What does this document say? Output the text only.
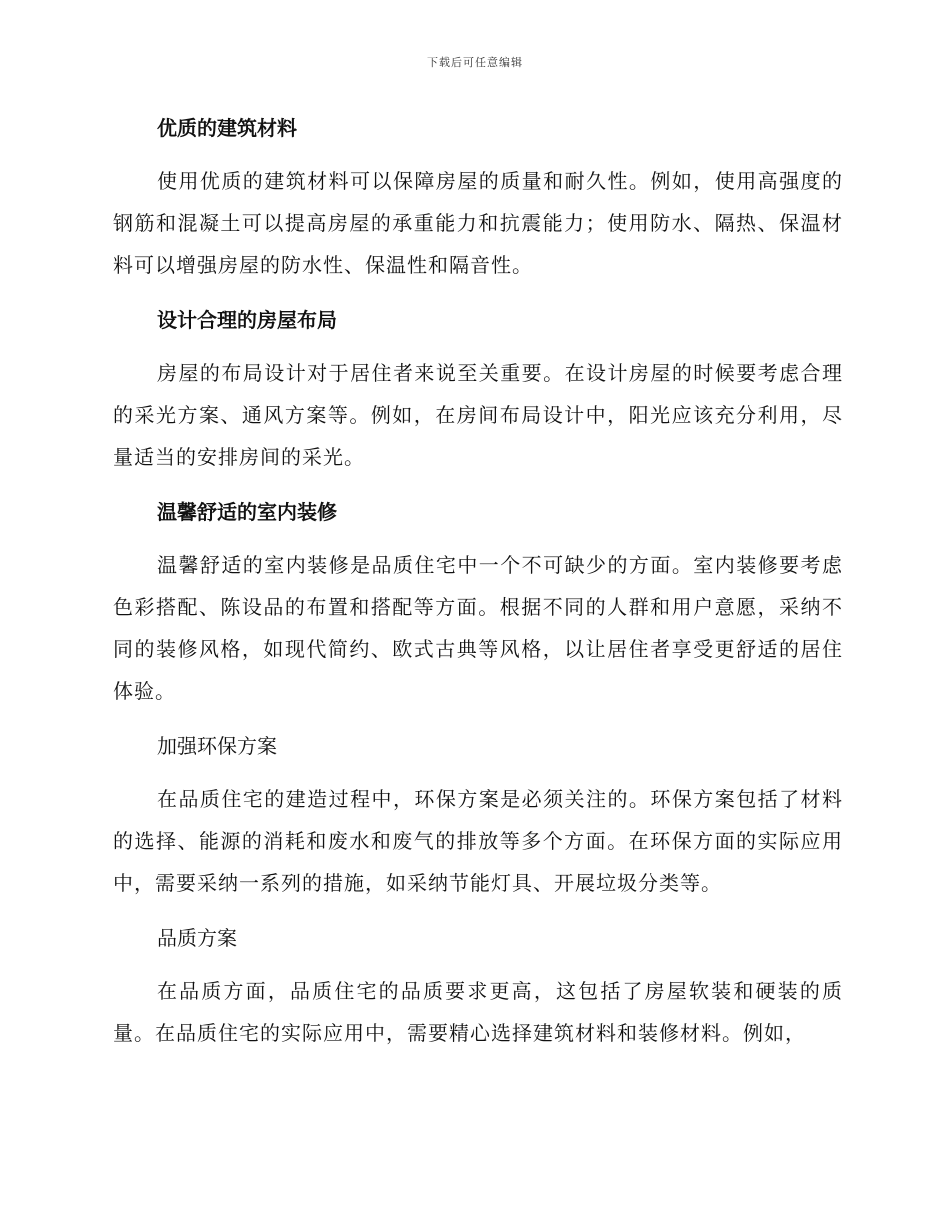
下载后可任意编辑
优质的建筑材料

使用优质的建筑材料可以保障房屋的质量和耐久性。例如，使用高强度的钢筋和混凝土可以提高房屋的承重能力和抗震能力；使用防水、隔热、保温材料可以增强房屋的防水性、保温性和隔音性。

设计合理的房屋布局

房屋的布局设计对于居住者来说至关重要。在设计房屋的时候要考虑合理的采光方案、通风方案等。例如，在房间布局设计中，阳光应该充分利用，尽量适当的安排房间的采光。

温馨舒适的室内装修

温馨舒适的室内装修是品质住宅中一个不可缺少的方面。室内装修要考虑色彩搭配、陈设品的布置和搭配等方面。根据不同的人群和用户意愿，采纳不同的装修风格，如现代简约、欧式古典等风格，以让居住者享受更舒适的居住体验。

加强环保方案

在品质住宅的建造过程中，环保方案是必须关注的。环保方案包括了材料的选择、能源的消耗和废水和废气的排放等多个方面。在环保方面的实际应用中，需要采纳一系列的措施，如采纳节能灯具、开展垃圾分类等。

品质方案

在品质方面，品质住宅的品质要求更高，这包括了房屋软装和硬装的质量。在品质住宅的实际应用中，需要精心选择建筑材料和装修材料。例如，
